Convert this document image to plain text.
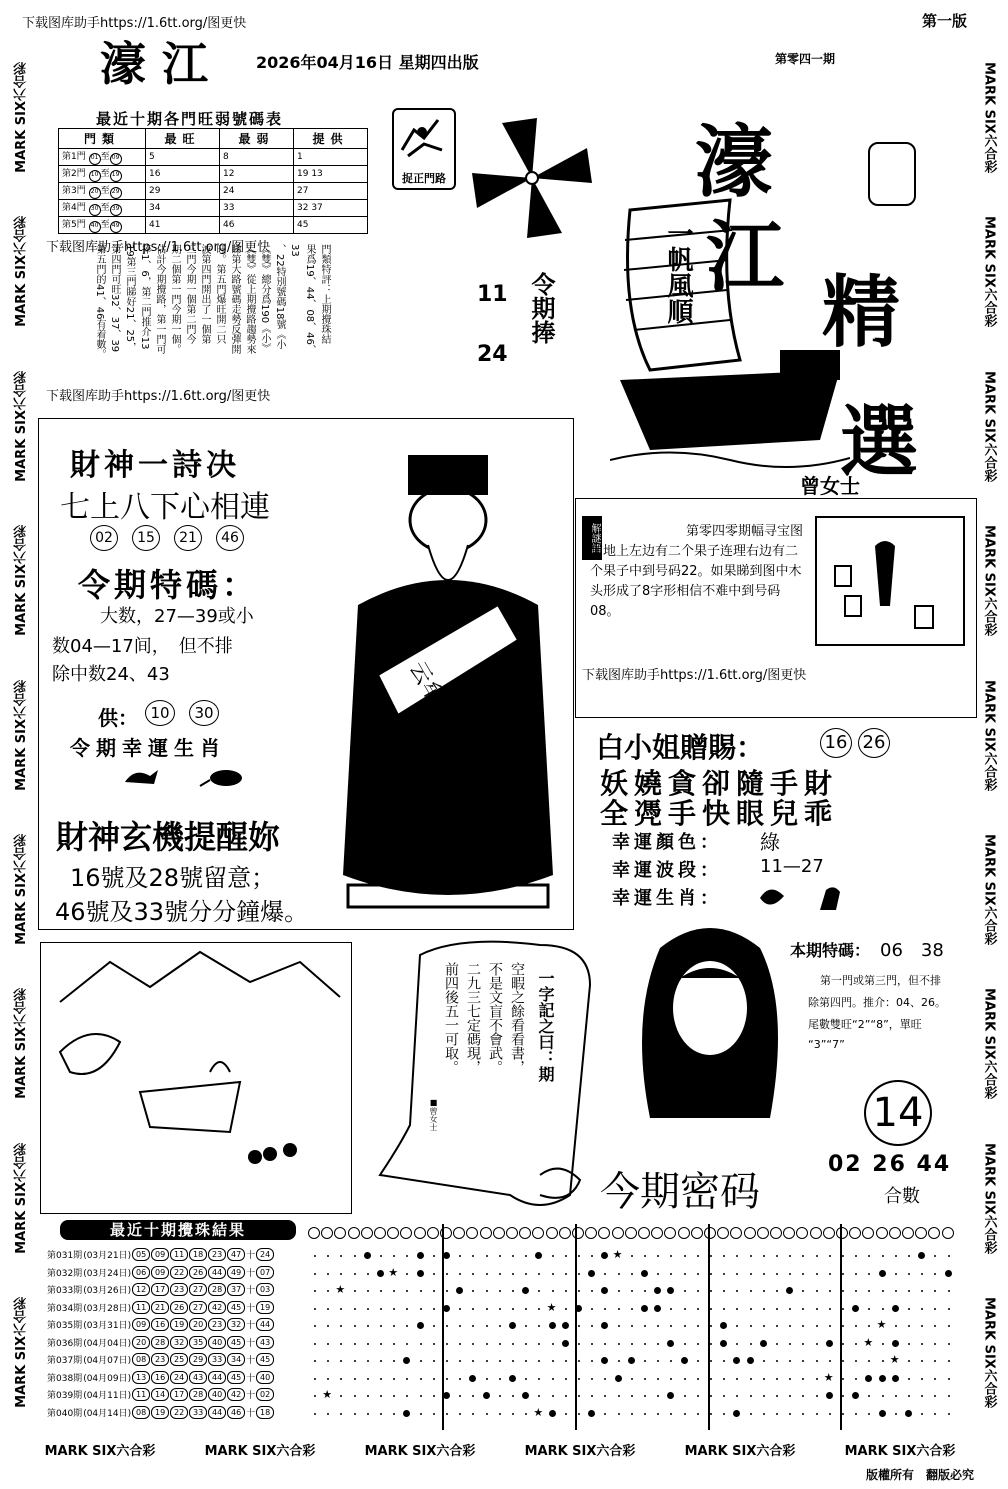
下载图库助手https://1.6tt.org/图更快	第一版
MARK SIX六合彩
MARK SIX六合彩
MARK SIX六合彩
MARK SIX六合彩
MARK SIX六合彩
MARK SIX六合彩
MARK SIX六合彩
MARK SIX六合彩
MARK SIX六合彩
MARK SIX六合彩
MARK SIX六合彩
MARK SIX六合彩
MARK SIX六合彩
MARK SIX六合彩
MARK SIX六合彩
MARK SIX六合彩
MARK SIX六合彩
MARK SIX六合彩
MARK SIX六合彩	MARK SIX六合彩	MARK SIX六合彩	MARK SIX六合彩	MARK SIX六合彩	MARK SIX六合彩
濠 江	2026年04月16日 星期四出版	第零四一期
最近十期各門旺弱號碼表
門類	最旺	最弱	提供
第1門 01 至 09	5	8	1
第2門 10 至 19	16	12	19 13
第3門 20 至 29	29	24	27
第4門 30 至 39	34	33	32 37
第5門 40 至 49	41	46	45
捉正門路
門類特評：上期攪珠結
果爲19、44、08、46、33
、22特別號碼18號《小
《雙》總分爲190《小》
《雙》從上期攪路趨勢來
睇第大路號碼走勢反彈開
旺。第五門爆旺開二只
波第四門開出了一個第
三門今期一個第二門今
期二個第一門今期一個。
估計今期攪路，第一門可
捧1、6，第二門推介13
19第三門睇好21、25，
第四門可旺32、37、39
第五門的41、46有着數。
下载图库助手https://1.6tt.org/图更快
下载图库助手https://1.6tt.org/图更快
11
24
令期捧
濠
江
精
選
一帆風順
曾女士
財神一詩决
七上八下心相連
02	15	21	46
令期特碼：
大数，27—39或小
数04—17间，　但不排
除中数24、43
供： 10	30
令期幸運生肖
財神玄機提醒妳
16號及28號留意；
46號及33號分分鐘爆。
云牟鉄马
解謎語	第零四零期幅寻宝图中地上左边有二个果子连理右边有二个果子中到号码22。如果睇到图中木头形成了8字形相信不难中到号码08。
下载图库助手https://1.6tt.org/图更快
白小姐贈賜：	16 26
妖嬈貪卻隨手財
全凴手快眼兒乖
幸運顏色： 綠
幸運波段： 11—27
幸運生肖：
一字記之曰：期
空暇之餘看看書，
不是文盲不會武。
二九三七定碼現，
前四後五一可取。
■曾女士
本期特碼： 06　38
第一門或第三門，但不排
除第四門。推介：04、26。
尾數雙旺“2”“8”，單旺
“3”“7”
14
今期密码
02 26 44
合數
最近十期攪珠結果
第031期 (03月21日) 05	09	11	18	23	47 十 24
第032期 (03月24日) 06	09	22	26	44	49 十 07
第033期 (03月26日) 12	17	23	27	28	37 十 03
第034期 (03月28日) 11	21	26	27	42	45 十 19
第035期 (03月31日) 09	16	19	20	23	32 十 44
第036期 (04月04日) 20	28	32	35	40	45 十 43
第037期 (04月07日) 08	23	25	29	33	34 十 45
第038期 (04月09日) 13	16	24	43	44	45 十 40
第039期 (04月11日) 11	14	17	28	40	42 十 02
第040期 (04月14日) 08	19	22	33	44	46 十 18
★
★
★
★
★
★
★
★
★
★
版權所有　翻版必究
